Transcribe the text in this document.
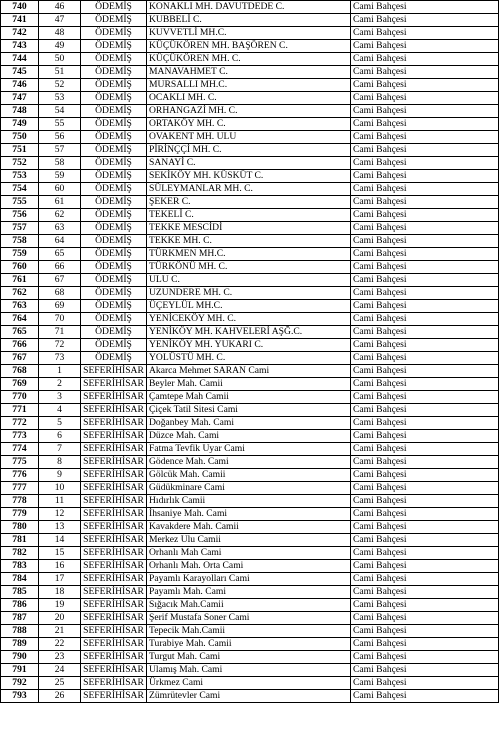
740	46	ÖDEMİŞ	KONAKLI MH. DAVUTDEDE C.	Cami Bahçesi
741	47	ÖDEMİŞ	KUBBELİ C.	Cami Bahçesi
742	48	ÖDEMİŞ	KUVVETLİ MH.C.	Cami Bahçesi
743	49	ÖDEMİŞ	KÜÇÜKÖREN MH. BAŞÖREN C.	Cami Bahçesi
744	50	ÖDEMİŞ	KÜÇÜKÖREN MH. C.	Cami Bahçesi
745	51	ÖDEMİŞ	MANAVAHMET C.	Cami Bahçesi
746	52	ÖDEMİŞ	MURSALLI MH.C.	Cami Bahçesi
747	53	ÖDEMİŞ	OCAKLI MH. C.	Cami Bahçesi
748	54	ÖDEMİŞ	ORHANGAZİ MH. C.	Cami Bahçesi
749	55	ÖDEMİŞ	ORTAKÖY MH. C.	Cami Bahçesi
750	56	ÖDEMİŞ	OVAKENT MH. ULU	Cami Bahçesi
751	57	ÖDEMİŞ	PİRİNÇÇİ MH. C.	Cami Bahçesi
752	58	ÖDEMİŞ	SANAYİ C.	Cami Bahçesi
753	59	ÖDEMİŞ	SEKİKÖY MH. KÜSKÜT C.	Cami Bahçesi
754	60	ÖDEMİŞ	SÜLEYMANLAR MH. C.	Cami Bahçesi
755	61	ÖDEMİŞ	ŞEKER C.	Cami Bahçesi
756	62	ÖDEMİŞ	TEKELİ C.	Cami Bahçesi
757	63	ÖDEMİŞ	TEKKE MESCİDİ	Cami Bahçesi
758	64	ÖDEMİŞ	TEKKE MH. C.	Cami Bahçesi
759	65	ÖDEMİŞ	TÜRKMEN MH.C.	Cami Bahçesi
760	66	ÖDEMİŞ	TÜRKÖNÜ MH. C.	Cami Bahçesi
761	67	ÖDEMİŞ	ULU C.	Cami Bahçesi
762	68	ÖDEMİŞ	UZUNDERE MH. C.	Cami Bahçesi
763	69	ÖDEMİŞ	ÜÇEYLÜL MH.C.	Cami Bahçesi
764	70	ÖDEMİŞ	YENİCEKÖY MH. C.	Cami Bahçesi
765	71	ÖDEMİŞ	YENİKÖY MH. KAHVELERİ AŞĞ.C.	Cami Bahçesi
766	72	ÖDEMİŞ	YENİKÖY MH. YUKARI C.	Cami Bahçesi
767	73	ÖDEMİŞ	YOLÜSTÜ MH. C.	Cami Bahçesi
768	1	SEFERİHİSAR	Akarca Mehmet SARAN Cami	Cami Bahçesi
769	2	SEFERİHİSAR	Beyler Mah. Camii	Cami Bahçesi
770	3	SEFERİHİSAR	Çamtepe Mah Camii	Cami Bahçesi
771	4	SEFERİHİSAR	Çiçek Tatil Sitesi Cami	Cami Bahçesi
772	5	SEFERİHİSAR	Doğanbey Mah. Cami	Cami Bahçesi
773	6	SEFERİHİSAR	Düzce Mah. Cami	Cami Bahçesi
774	7	SEFERİHİSAR	Fatma Tevfik Uyar Cami	Cami Bahçesi
775	8	SEFERİHİSAR	Gödence Mah. Cami	Cami Bahçesi
776	9	SEFERİHİSAR	Gölcük Mah. Camii	Cami Bahçesi
777	10	SEFERİHİSAR	Güdükminare Cami	Cami Bahçesi
778	11	SEFERİHİSAR	Hıdırlık Camii	Cami Bahçesi
779	12	SEFERİHİSAR	İhsaniye Mah. Cami	Cami Bahçesi
780	13	SEFERİHİSAR	Kavakdere Mah. Camii	Cami Bahçesi
781	14	SEFERİHİSAR	Merkez Ulu Camii	Cami Bahçesi
782	15	SEFERİHİSAR	Orhanlı Mah Cami	Cami Bahçesi
783	16	SEFERİHİSAR	Orhanlı Mah. Orta Cami	Cami Bahçesi
784	17	SEFERİHİSAR	Payamlı Karayolları Cami	Cami Bahçesi
785	18	SEFERİHİSAR	Payamlı Mah. Cami	Cami Bahçesi
786	19	SEFERİHİSAR	Sığacık Mah.Camii	Cami Bahçesi
787	20	SEFERİHİSAR	Şerif Mustafa Soner Cami	Cami Bahçesi
788	21	SEFERİHİSAR	Tepecik Mah.Camii	Cami Bahçesi
789	22	SEFERİHİSAR	Turabiye Mah. Camii	Cami Bahçesi
790	23	SEFERİHİSAR	Turgut Mah. Cami	Cami Bahçesi
791	24	SEFERİHİSAR	Ulamış Mah. Cami	Cami Bahçesi
792	25	SEFERİHİSAR	Ürkmez Cami	Cami Bahçesi
793	26	SEFERİHİSAR	Zümrütevler Cami	Cami Bahçesi
